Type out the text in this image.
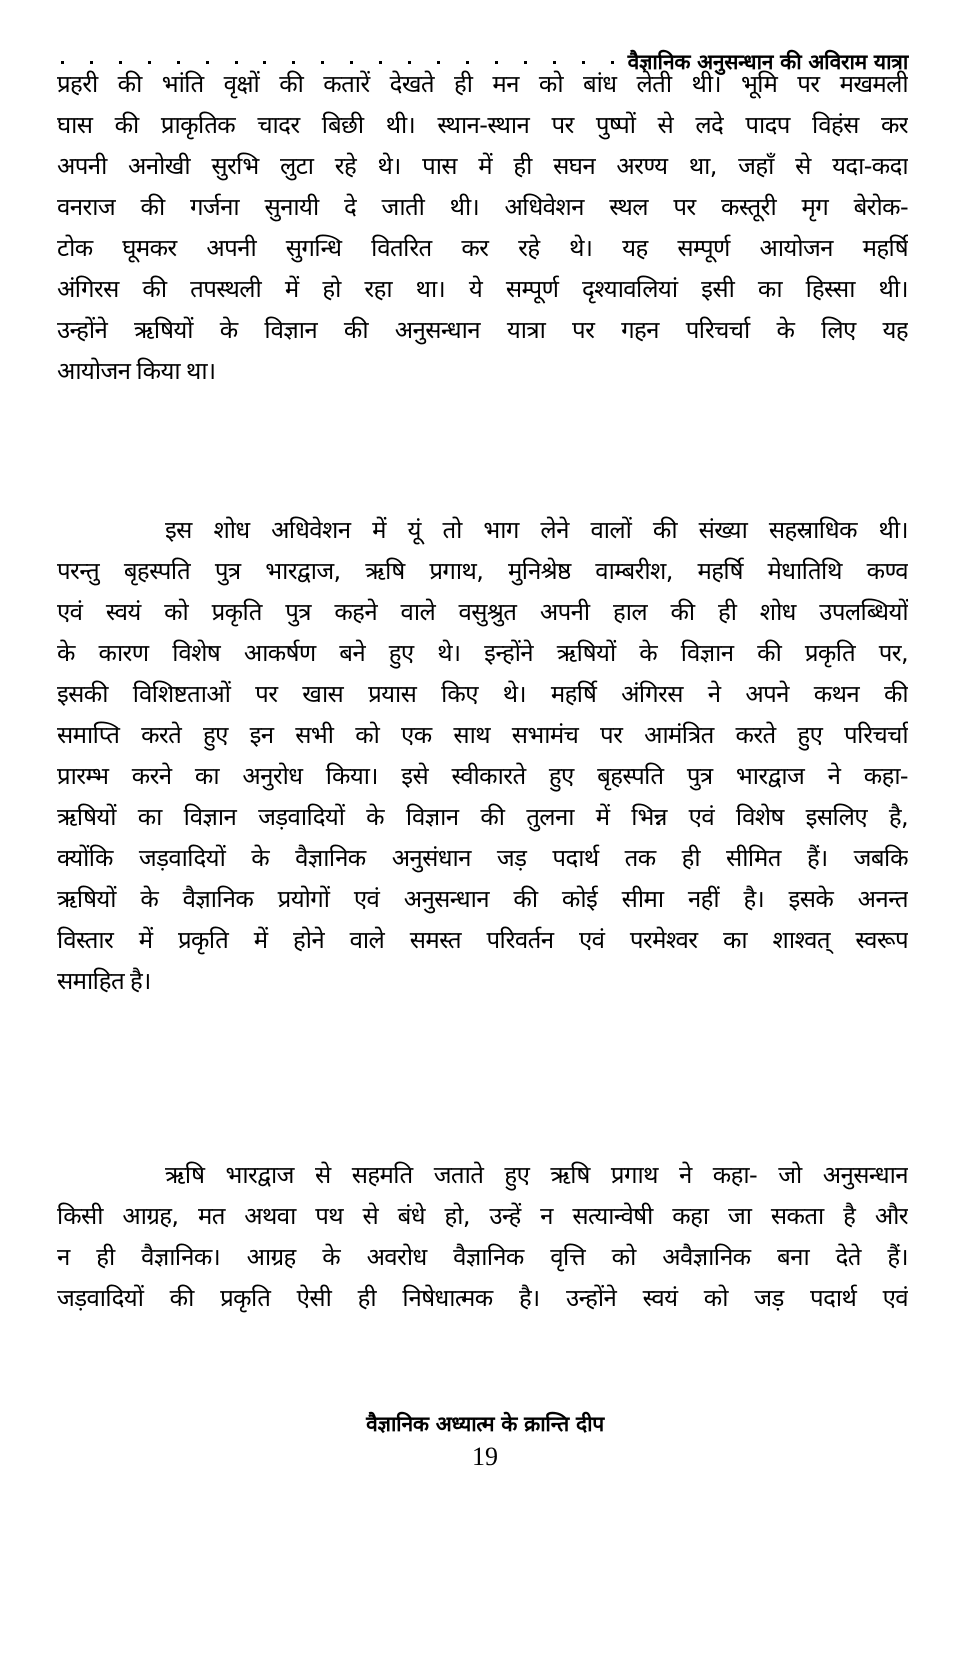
वैज्ञानिक अनुसन्धान की अविराम यात्रा
प्रहरी की भांति वृक्षों की कतारें देखते ही मन को बांध लेती थी। भूमि पर मखमली
घास की प्राकृतिक चादर बिछी थी। स्थान-स्थान पर पुष्पों से लदे पादप विहंस कर
अपनी अनोखी सुरभि लुटा रहे थे। पास में ही सघन अरण्य था, जहाँ से यदा-कदा
वनराज की गर्जना सुनायी दे जाती थी। अधिवेशन स्थल पर कस्तूरी मृग बेरोक-
टोक घूमकर अपनी सुगन्धि वितरित कर रहे थे। यह सम्पूर्ण आयोजन महर्षि
अंगिरस की तपस्थली में हो रहा था। ये सम्पूर्ण दृश्यावलियां इसी का हिस्सा थी।
उन्होंने ऋषियों के विज्ञान की अनुसन्धान यात्रा पर गहन परिचर्चा के लिए यह
आयोजन किया था।
इस शोध अधिवेशन में यूं तो भाग लेने वालों की संख्या सहस्राधिक थी।
परन्तु बृहस्पति पुत्र भारद्वाज, ऋषि प्रगाथ, मुनिश्रेष्ठ वाम्बरीश, महर्षि मेधातिथि कण्व
एवं स्वयं को प्रकृति पुत्र कहने वाले वसुश्रुत अपनी हाल की ही शोध उपलब्धियों
के कारण विशेष आकर्षण बने हुए थे। इन्होंने ऋषियों के विज्ञान की प्रकृति पर,
इसकी विशिष्टताओं पर खास प्रयास किए थे। महर्षि अंगिरस ने अपने कथन की
समाप्ति करते हुए इन सभी को एक साथ सभामंच पर आमंत्रित करते हुए परिचर्चा
प्रारम्भ करने का अनुरोध किया। इसे स्वीकारते हुए बृहस्पति पुत्र भारद्वाज ने कहा-
ऋषियों का विज्ञान जड़वादियों के विज्ञान की तुलना में भिन्न एवं विशेष इसलिए है,
क्योंकि जड़वादियों के वैज्ञानिक अनुसंधान जड़ पदार्थ तक ही सीमित हैं। जबकि
ऋषियों के वैज्ञानिक प्रयोगों एवं अनुसन्धान की कोई सीमा नहीं है। इसके अनन्त
विस्तार में प्रकृति में होने वाले समस्त परिवर्तन एवं परमेश्वर का शाश्वत् स्वरूप
समाहित है।
ऋषि भारद्वाज से सहमति जताते हुए ऋषि प्रगाथ ने कहा- जो अनुसन्धान
किसी आग्रह, मत अथवा पथ से बंधे हो, उन्हें न सत्यान्वेषी कहा जा सकता है और
न ही वैज्ञानिक। आग्रह के अवरोध वैज्ञानिक वृत्ति को अवैज्ञानिक बना देते हैं।
जड़वादियों की प्रकृति ऐसी ही निषेधात्मक है। उन्होंने स्वयं को जड़ पदार्थ एवं
वैज्ञानिक अध्यात्म के क्रान्ति दीप
19
